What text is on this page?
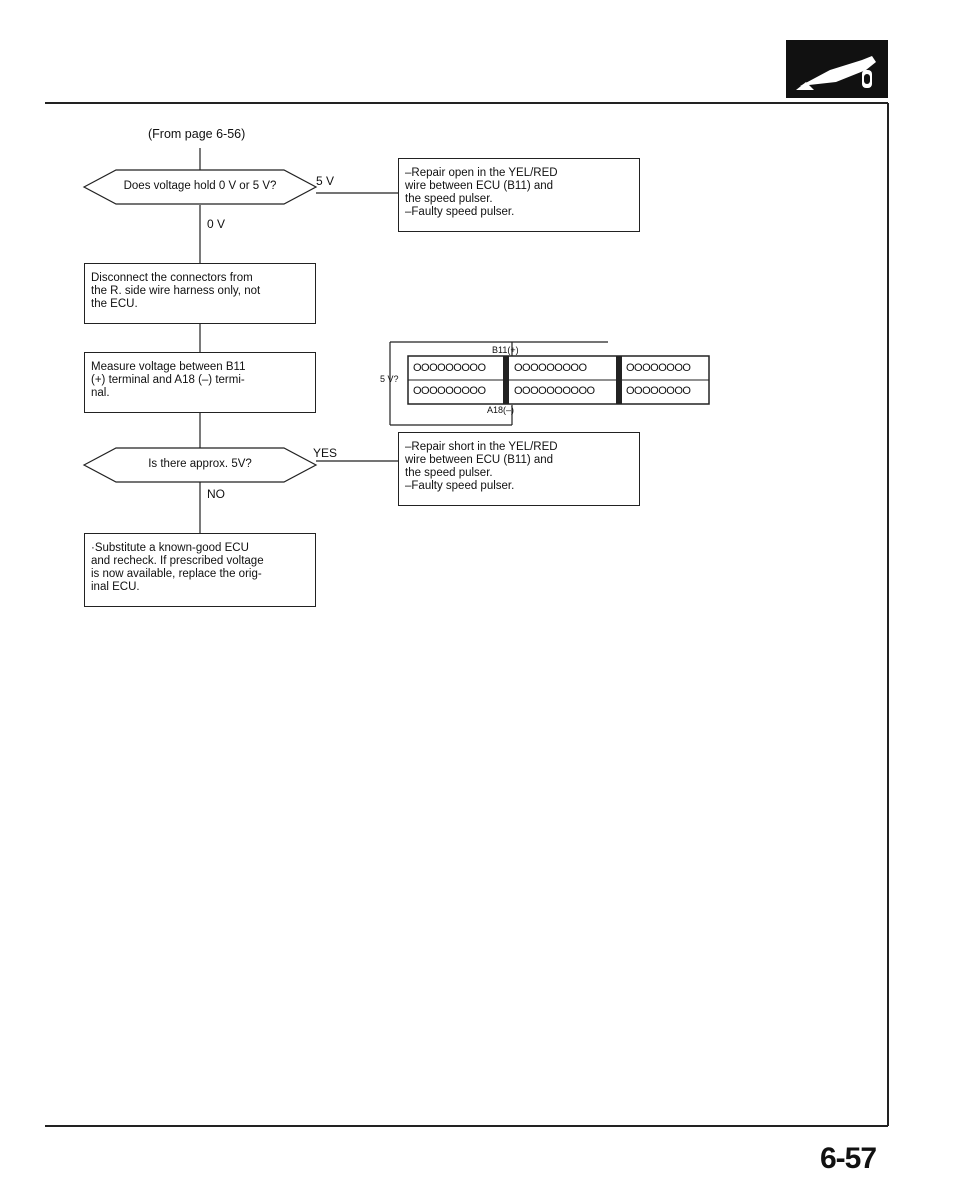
(From page 6-56)
Does voltage hold 0 V or 5 V?	5 V
0 V
–Repair open in the YEL/RED
wire between ECU (B11) and
the speed pulser.
–Faulty speed pulser.
Disconnect the connectors from
the R. side wire harness only, not
the ECU.
Measure voltage between B11
(+) terminal and A18 (–) termi-
nal.
B11(+)
A18(–)
5 V?
OOOOOOOOO	OOOOOOOOO	OOOOOOOO
OOOOOOOOO	OOOOOOOOOO	OOOOOOOO
Is there approx. 5V?
YES
NO
–Repair short in the YEL/RED
wire between ECU (B11) and
the speed pulser.
–Faulty speed pulser.
·Substitute a known-good ECU
and recheck. If prescribed voltage
is now available, replace the orig-
inal ECU.
6-57
